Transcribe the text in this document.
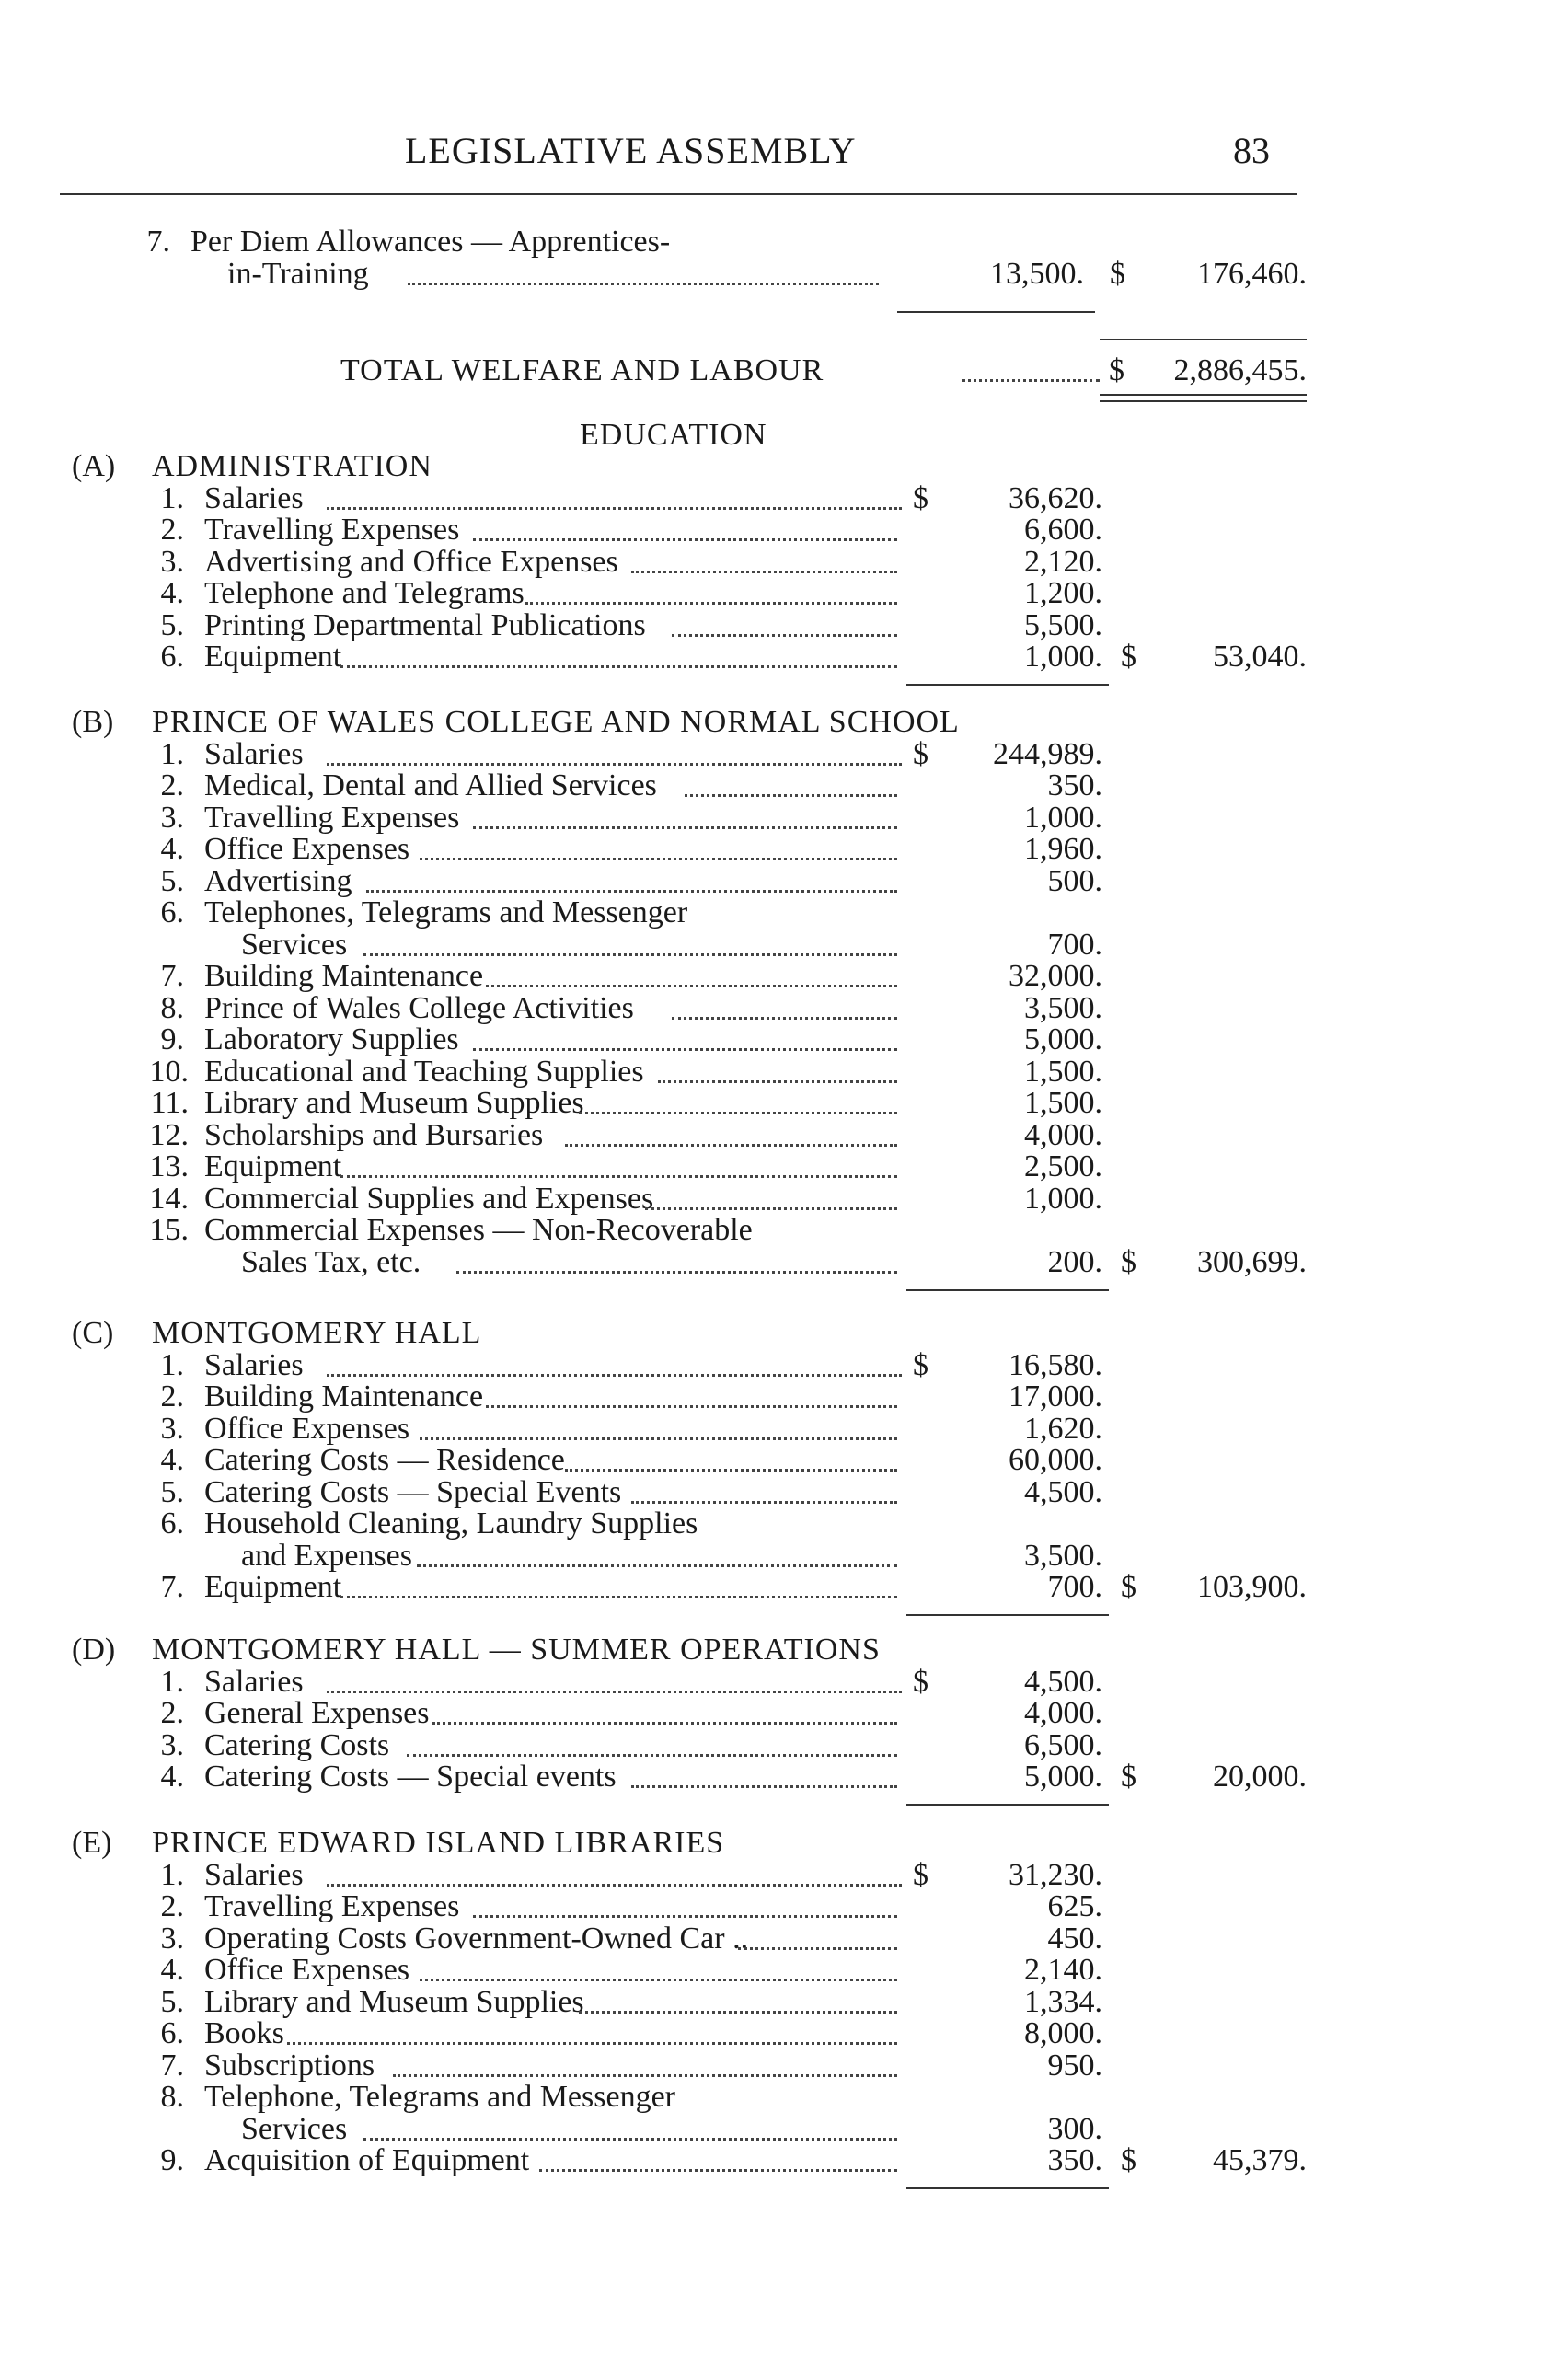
LEGISLATIVE ASSEMBLY	83
7. Per Diem Allowances — Apprentices-
in-Training	13,500. $ 176,460.
TOTAL WELFARE AND LABOUR	$ 2,886,455.
EDUCATION
(A) ADMINISTRATION
1. Salaries	$	36,620.
2. Travelling Expenses	6,600.
3. Advertising and Office Expenses	2,120.
4. Telephone and Telegrams	1,200.
5. Printing Departmental Publications	5,500.
6. Equipment	1,000. $ 53,040.
(B) PRINCE OF WALES COLLEGE AND NORMAL SCHOOL
1. Salaries	$ 244,989.
2. Medical, Dental and Allied Services	350.
3. Travelling Expenses	1,000.
4. Office Expenses	1,960.
5. Advertising	500.
6. Telephones, Telegrams and Messenger
Services	700.
7. Building Maintenance	32,000.
8. Prince of Wales College Activities	3,500.
9. Laboratory Supplies	5,000.
10. Educational and Teaching Supplies	1,500.
11. Library and Museum Supplies	1,500.
12. Scholarships and Bursaries	4,000.
13. Equipment	2,500.
14. Commercial Supplies and Expenses	1,000.
15. Commercial Expenses — Non-Recoverable
Sales Tax, etc.	200. $ 300,699.
(C) MONTGOMERY HALL
1. Salaries	$	16,580.
2. Building Maintenance	17,000.
3. Office Expenses	1,620.
4. Catering Costs — Residence	60,000.
5. Catering Costs — Special Events	4,500.
6. Household Cleaning, Laundry Supplies
and Expenses	3,500.
7. Equipment	700. $ 103,900.
(D) MONTGOMERY HALL — SUMMER OPERATIONS
1. Salaries	$	4,500.
2. General Expenses	4,000.
3. Catering Costs	6,500.
4. Catering Costs — Special events	5,000. $ 20,000.
(E) PRINCE EDWARD ISLAND LIBRARIES
1. Salaries	$	31,230.
2. Travelling Expenses	625.
3. Operating Costs Government-Owned Car ..	450.
4. Office Expenses	2,140.
5. Library and Museum Supplies	1,334.
6. Books	8,000.
7. Subscriptions	950.
8. Telephone, Telegrams and Messenger
Services	300.
9. Acquisition of Equipment	350. $ 45,379.
